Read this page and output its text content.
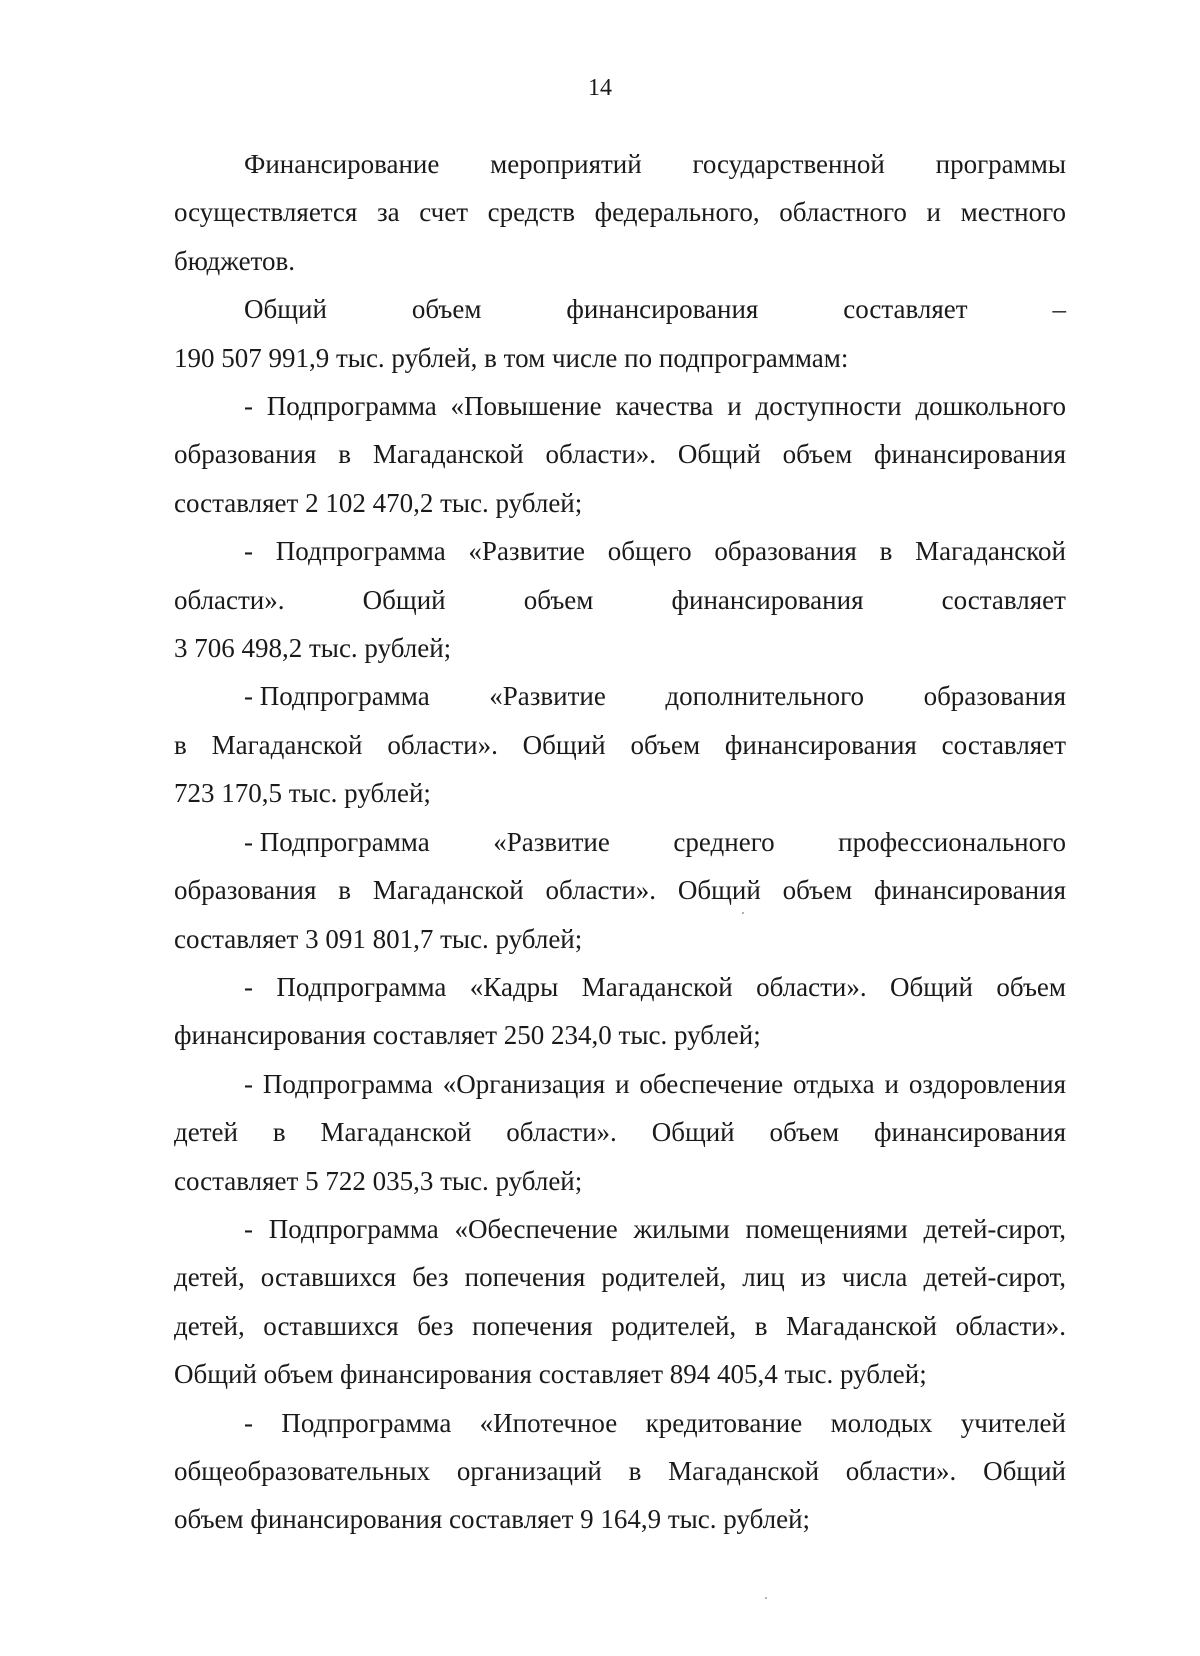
14
Финансирование мероприятий государственной программы
осуществляется за счет средств федерального, областного и местного
бюджетов.
Общий	объем	финансирования	составляет	–
190 507 991,9 тыс. рублей, в том числе по подпрограммам:
- Подпрограмма «Повышение качества и доступности дошкольного
образования в Магаданской области». Общий объем финансирования
составляет 2 102 470,2 тыс. рублей;
- Подпрограмма «Развитие общего образования в Магаданской
области».	Общий	объем	финансирования	составляет
3 706 498,2 тыс. рублей;
- Подпрограмма «Развитие дополнительного образования
в Магаданской области». Общий объем финансирования составляет
723 170,5 тыс. рублей;
- Подпрограмма «Развитие среднего профессионального
образования в Магаданской области». Общий объем финансирования
составляет 3 091 801,7 тыс. рублей;
- Подпрограмма «Кадры Магаданской области». Общий объем
финансирования составляет 250 234,0 тыс. рублей;
- Подпрограмма «Организация и обеспечение отдыха и оздоровления
детей в Магаданской области». Общий объем финансирования
составляет 5 722 035,3 тыс. рублей;
- Подпрограмма «Обеспечение жилыми помещениями детей-сирот,
детей, оставшихся без попечения родителей, лиц из числа детей-сирот,
детей, оставшихся без попечения родителей, в Магаданской области».
Общий объем финансирования составляет 894 405,4 тыс. рублей;
- Подпрограмма «Ипотечное кредитование молодых учителей
общеобразовательных организаций в Магаданской области». Общий
объем финансирования составляет 9 164,9 тыс. рублей;
